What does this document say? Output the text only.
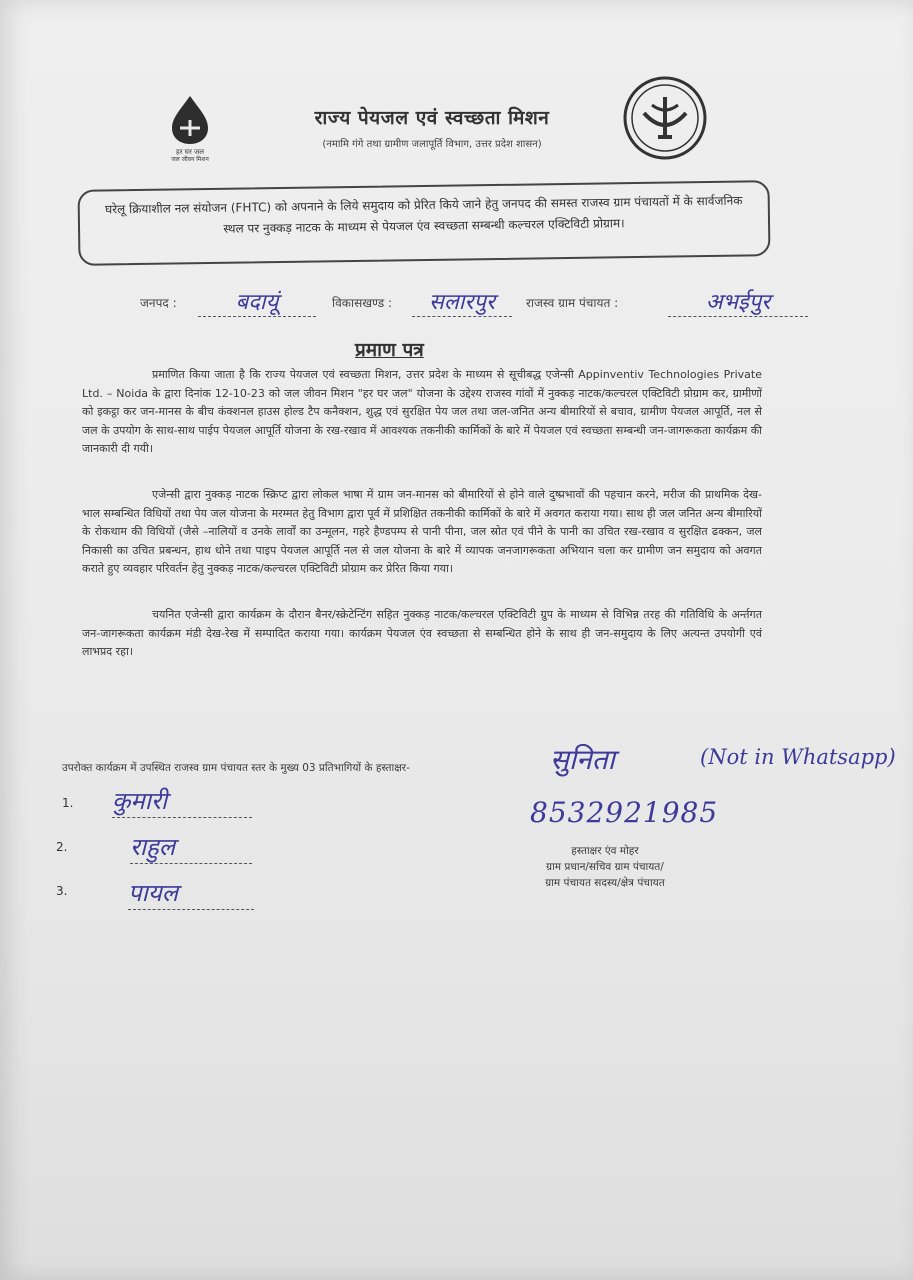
हर घर जल
जल जीवन मिशन
राज्य पेयजल एवं स्वच्छता मिशन
(नमामि गंगे तथा ग्रामीण जलापूर्ति विभाग, उत्तर प्रदेश शासन)
घरेलू क्रियाशील नल संयोजन (FHTC) को अपनाने के लिये समुदाय को प्रेरित किये जाने हेतु जनपद की समस्त राजस्व ग्राम पंचायतों में के सार्वजनिक स्थल पर नुक्कड़ नाटक के माध्यम से पेयजल एंव स्वच्छता सम्बन्धी कल्चरल एक्टिविटी प्रोग्राम।
जनपद :	बदायूं	विकासखण्ड :	सलारपुर	राजस्व ग्राम पंचायत :	अभईपुर
प्रमाण पत्र
प्रमाणित किया जाता है कि राज्य पेयजल एवं स्वच्छता मिशन, उत्तर प्रदेश के माध्यम से सूचीबद्ध एजेन्सी Appinventiv Technologies Private Ltd. – Noida के द्वारा दिनांक 12-10-23 को जल जीवन मिशन "हर घर जल" योजना के उद्देश्य राजस्व गांवों में नुक्कड़ नाटक/कल्चरल एक्टिविटी प्रोग्राम कर, ग्रामीणों को इकट्ठा कर जन-मानस के बीच कंक्शनल हाउस होल्ड टैप कनैक्शन, शुद्ध एवं सुरक्षित पेय जल तथा जल-जनित अन्य बीमारियों से बचाव, ग्रामीण पेयजल आपूर्ति, नल से जल के उपयोग के साथ-साथ पाईप पेयजल आपूर्ति योजना के रख-रखाव में आवश्यक तकनीकी कार्मिकों के बारे में पेयजल एवं स्वच्छता सम्बन्धी जन-जागरूकता कार्यक्रम की जानकारी दी गयी।
एजेन्सी द्वारा नुक्कड़ नाटक स्क्रिप्ट द्वारा लोकल भाषा में ग्राम जन-मानस को बीमारियों से होने वाले दुष्प्रभावों की पहचान करने, मरीज की प्राथमिक देख-भाल सम्बन्धित विधियों तथा पेय जल योजना के मरम्मत हेतु विभाग द्वारा पूर्व में प्रशिक्षित तकनीकी कार्मिकों के बारे में अवगत कराया गया। साथ ही जल जनित अन्य बीमारियों के रोकथाम की विधियों (जैसे –नालियों व उनके लार्वों का उन्मूलन, गहरे हैण्डपम्प से पानी पीना, जल स्रोत एवं पीने के पानी का उचित रख-रखाव व सुरक्षित ढक्कन, जल निकासी का उचित प्रबन्धन, हाथ धोने तथा पाइप पेयजल आपूर्ति नल से जल योजना के बारे में व्यापक जनजागरूकता अभियान चला कर ग्रामीण जन समुदाय को अवगत कराते हुए व्यवहार परिवर्तन हेतु नुक्कड़ नाटक/कल्चरल एक्टिविटी प्रोग्राम कर प्रेरित किया गया।
चयनित एजेन्सी द्वारा कार्यक्रम के दौरान बैनर/स्क्रेटेन्टिंग सहित नुक्कड़ नाटक/कल्चरल एक्टिविटी ग्रुप के माध्यम से विभिन्न तरह की गतिविधि के अर्न्तगत जन-जागरूकता कार्यक्रम मंडी देख-रेख में सम्पादित कराया गया। कार्यक्रम पेयजल एंव स्वच्छता से सम्बन्धित होने के साथ ही जन-समुदाय के लिए अत्यन्त उपयोगी एवं लाभप्रद रहा।
उपरोक्त कार्यक्रम में उपस्थित राजस्व ग्राम पंचायत स्तर के मुख्य 03 प्रतिभागियों के हस्ताक्षर-
1. कुमारी
2.	राहुल
3.	पायल
सुनिता	(Not in Whatsapp)
8532921985
हस्ताक्षर एंव मोहर
ग्राम प्रधान/सचिव ग्राम पंचायत/
ग्राम पंचायत सदस्य/क्षेत्र पंचायत
